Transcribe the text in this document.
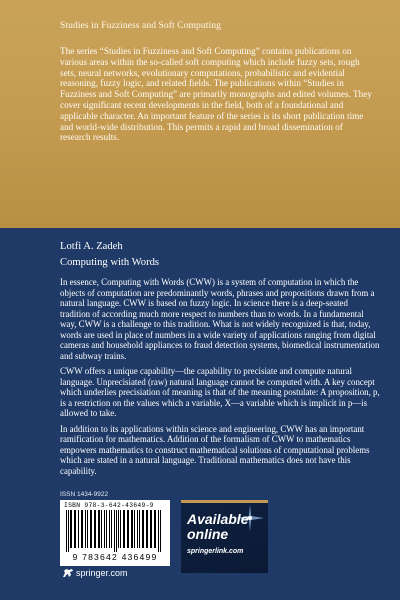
Studies in Fuzziness and Soft Computing

The series “Studies in Fuzziness and Soft Computing” contains publications on various areas within the so-called soft computing which include fuzzy sets, rough sets, neural networks, evolutionary computations, probabilistic and evidential reasoning, fuzzy logic, and related fields. The publications within “Studies in Fuzziness and Soft Computing” are primarily monographs and edited volumes. They cover significant recent developments in the field, both of a foundational and applicable character. An important feature of the series is its short publication time and world-wide distribution. This permits a rapid and broad dissemination of research results.

Lotfi A. Zadeh
Computing with Words

In essence, Computing with Words (CWW) is a system of computation in which the objects of computation are predominantly words, phrases and propositions drawn from a natural language. CWW is based on fuzzy logic. In science there is a deep-seated tradition of according much more respect to numbers than to words. In a fundamental way, CWW is a challenge to this tradition. What is not widely recognized is that, today, words are used in place of numbers in a wide variety of applications ranging from digital cameras and household appliances to fraud detection systems, biomedical instrumentation and subway trains.

CWW offers a unique capability—the capability to precisiate and compute natural language. Unprecisiated (raw) natural language cannot be computed with. A key concept which underlies precisiation of meaning is that of the meaning postulate: A proposition, p, is a restriction on the values which a variable, X—a variable which is implicit in p—is allowed to take.

In addition to its applications within science and engineering, CWW has an important ramification for mathematics. Addition of the formalism of CWW to mathematics empowers mathematics to construct mathematical solutions of computational problems which are stated in a natural language. Traditional mathematics does not have this capability.

ISSN 1434-9922
ISBN 978-3-642-43649-9
9 783642 436499
springer.com
Available online
springerlink.com
